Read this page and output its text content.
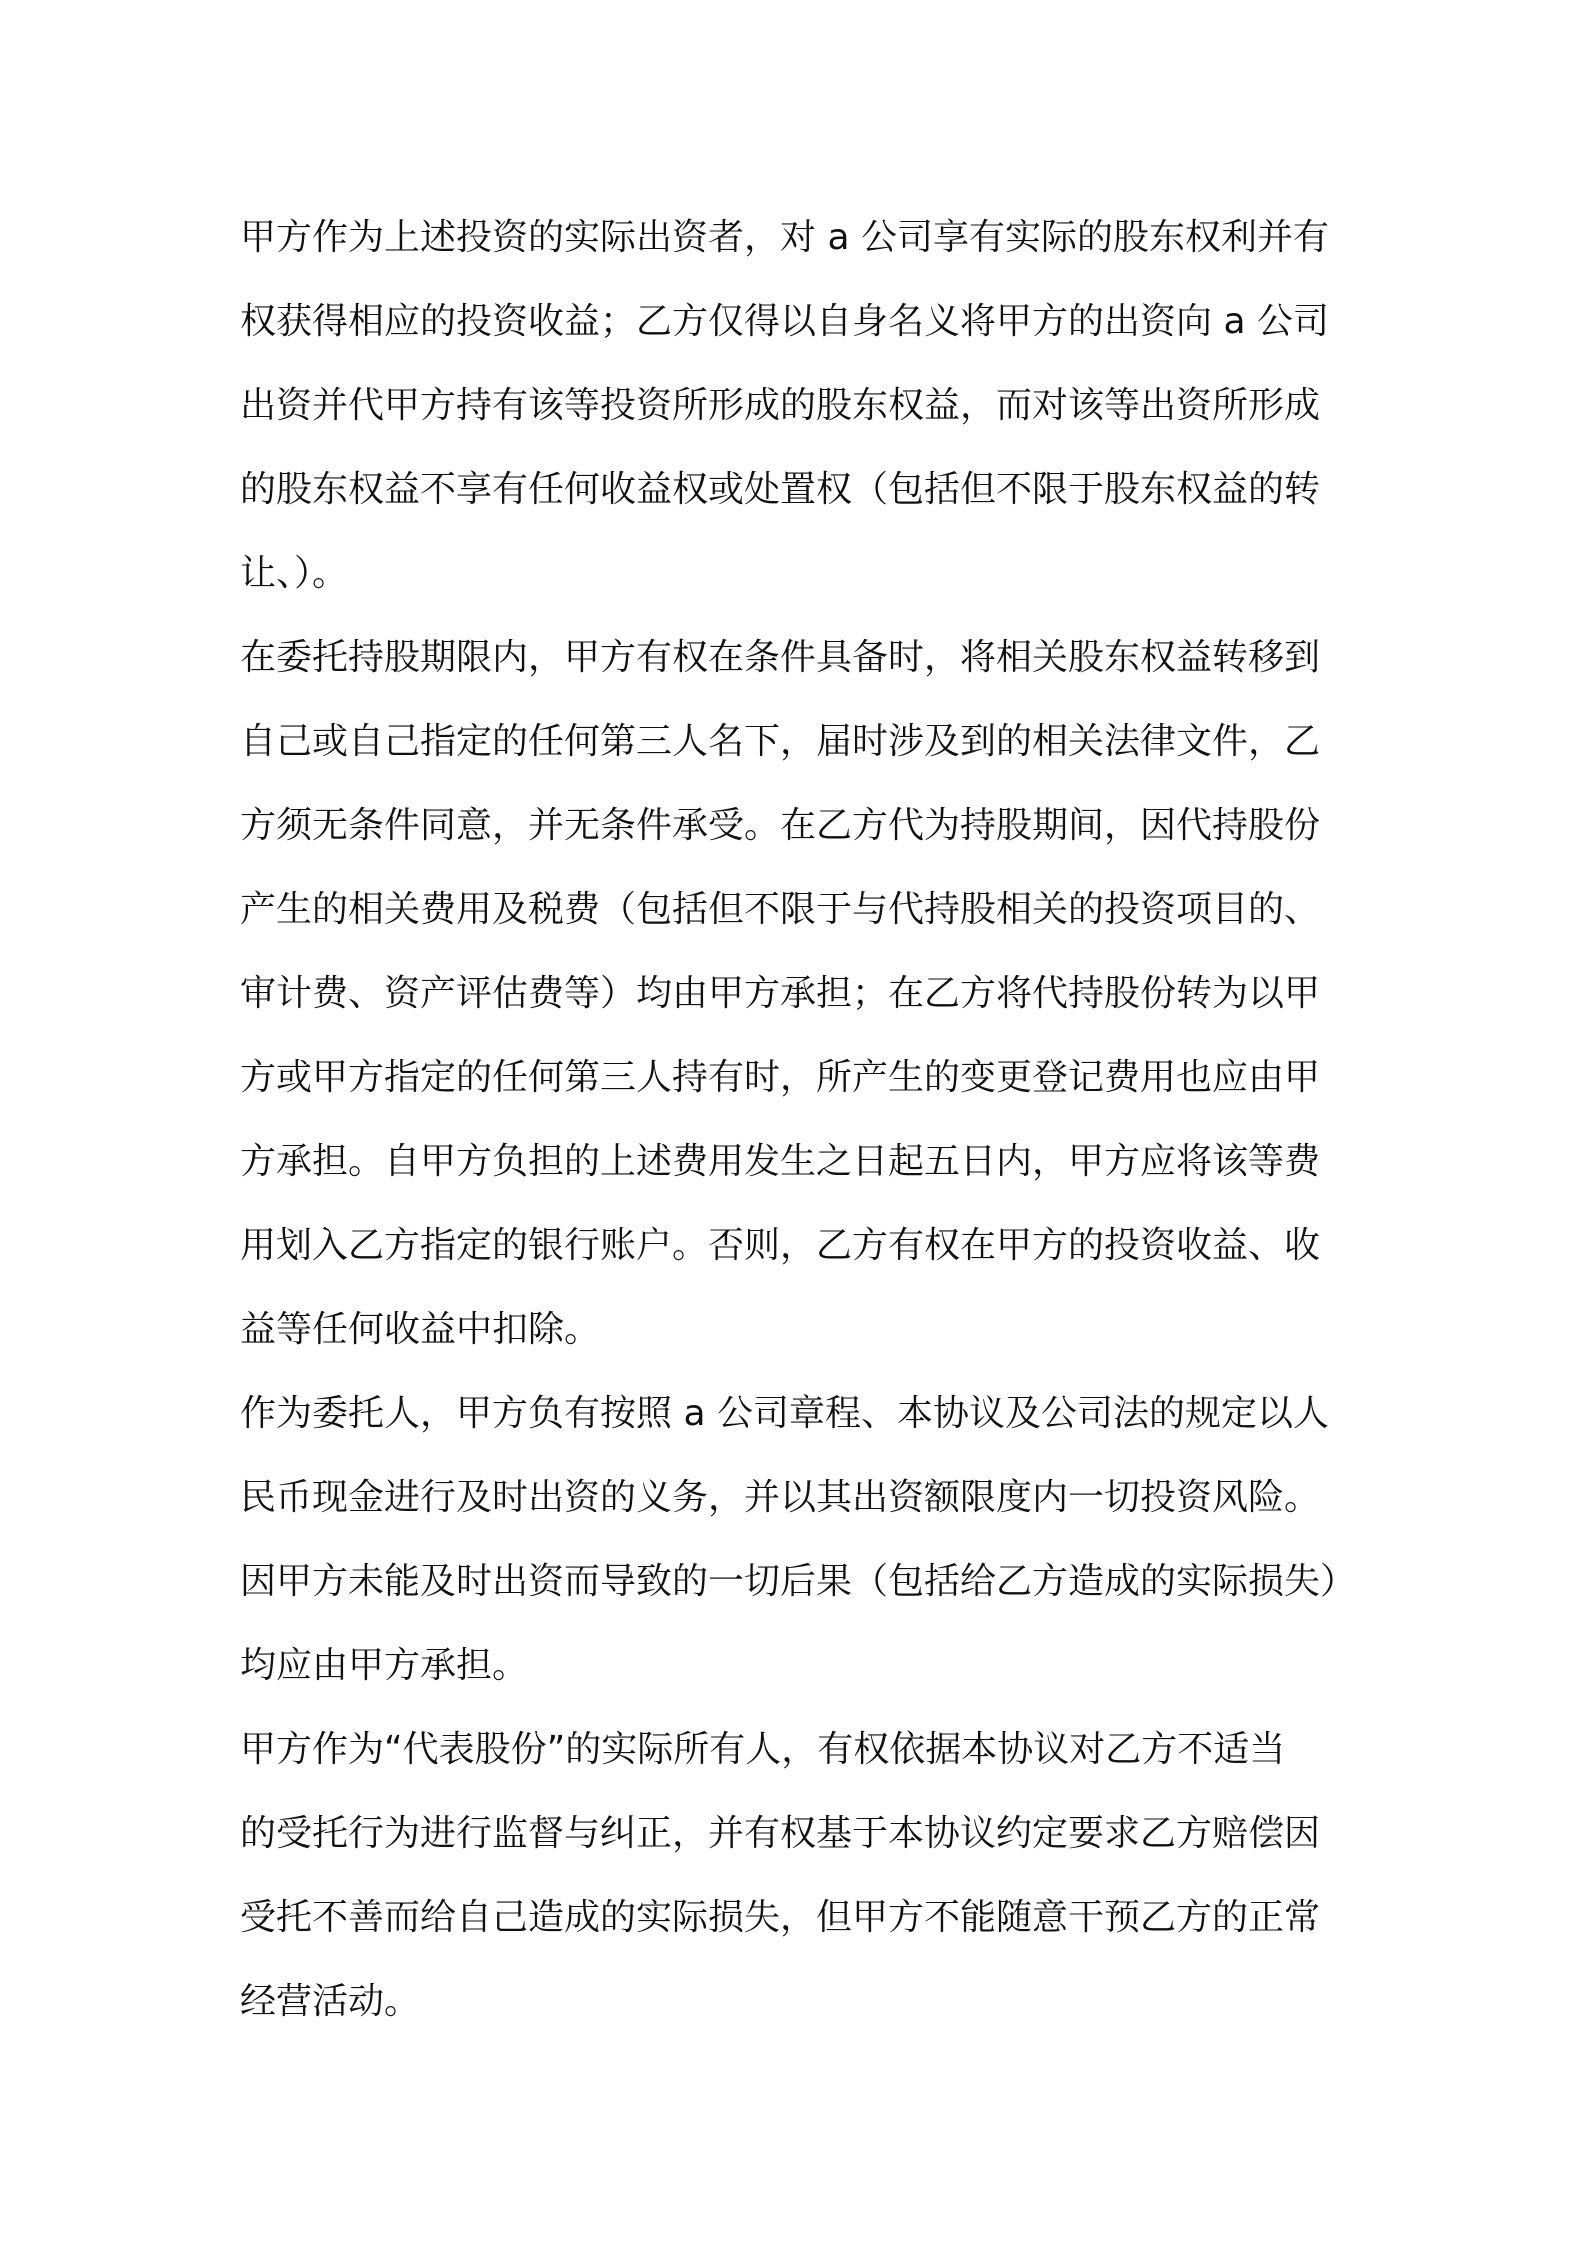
甲方作为上述投资的实际出资者，对 a 公司享有实际的股东权利并有
权获得相应的投资收益；乙方仅得以自身名义将甲方的出资向 a 公司
出资并代甲方持有该等投资所形成的股东权益，而对该等出资所形成
的股东权益不享有任何收益权或处置权（包括但不限于股东权益的转
让、）。
在委托持股期限内，甲方有权在条件具备时，将相关股东权益转移到
自己或自己指定的任何第三人名下，届时涉及到的相关法律文件，乙
方须无条件同意，并无条件承受。在乙方代为持股期间，因代持股份
产生的相关费用及税费（包括但不限于与代持股相关的投资项目的、
审计费、资产评估费等）均由甲方承担；在乙方将代持股份转为以甲
方或甲方指定的任何第三人持有时，所产生的变更登记费用也应由甲
方承担。自甲方负担的上述费用发生之日起五日内，甲方应将该等费
用划入乙方指定的银行账户。否则，乙方有权在甲方的投资收益、收
益等任何收益中扣除。
作为委托人，甲方负有按照 a 公司章程、本协议及公司法的规定以人
民币现金进行及时出资的义务，并以其出资额限度内一切投资风险。
因甲方未能及时出资而导致的一切后果（包括给乙方造成的实际损失）
均应由甲方承担。
甲方作为“代表股份”的实际所有人，有权依据本协议对乙方不适当
的受托行为进行监督与纠正，并有权基于本协议约定要求乙方赔偿因
受托不善而给自己造成的实际损失，但甲方不能随意干预乙方的正常
经营活动。
